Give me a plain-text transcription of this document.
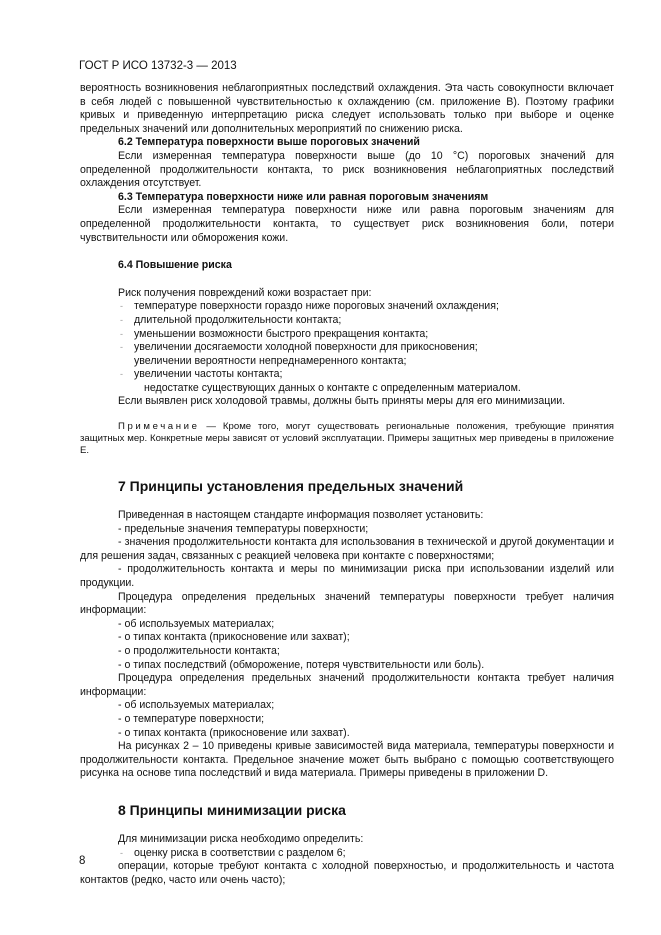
ГОСТ Р ИСО 13732-3 — 2013

вероятность возникновения неблагоприятных последствий охлаждения. Эта часть совокупности включает в себя людей с повышенной чувствительностью к охлаждению (см. приложение B). Поэтому графики кривых и приведенную интерпретацию риска следует использовать только при выборе и оценке предельных значений или дополнительных мероприятий по снижению риска.

6.2 Температура поверхности выше пороговых значений

Если измеренная температура поверхности выше (до 10 °C) пороговых значений для определенной продолжительности контакта, то риск возникновения неблагоприятных последствий охлаждения отсутствует.

6.3 Температура поверхности ниже или равная пороговым значениям

Если измеренная температура поверхности ниже или равна пороговым значениям для определенной продолжительности контакта, то существует риск возникновения боли, потери чувствительности или обморожения кожи.

6.4 Повышение риска

Риск получения повреждений кожи возрастает при:

- температуре поверхности гораздо ниже пороговых значений охлаждения;
- длительной продолжительности контакта;
- уменьшении возможности быстрого прекращения контакта;
- увеличении досягаемости холодной поверхности для прикосновения;
увеличении вероятности непреднамеренного контакта;
- увеличении частоты контакта;
недостатке существующих данных о контакте с определенным материалом.

Если выявлен риск холодовой травмы, должны быть приняты меры для его минимизации.

Примечание — Кроме того, могут существовать региональные положения, требующие принятия защитных мер. Конкретные меры зависят от условий эксплуатации. Примеры защитных мер приведены в приложение E.
7 Принципы установления предельных значений

Приведенная в настоящем стандарте информация позволяет установить:

- предельные значения температуры поверхности;

- значения продолжительности контакта для использования в технической и другой документации и для решения задач, связанных с реакцией человека при контакте с поверхностями;

- продолжительность контакта и меры по минимизации риска при использовании изделий или продукции.

Процедура определения предельных значений температуры поверхности требует наличия информации:

- об используемых материалах;
- о типах контакта (прикосновение или захват);
- о продолжительности контакта;
- о типах последствий (обморожение, потеря чувствительности или боль).

Процедура определения предельных значений продолжительности контакта требует наличия информации:

- об используемых материалах;
- о температуре поверхности;
- о типах контакта (прикосновение или захват).

На рисунках 2 – 10 приведены кривые зависимостей вида материала, температуры поверхности и продолжительности контакта. Предельное значение может быть выбрано с помощью соответствующего рисунка на основе типа последствий и вида материала. Примеры приведены в приложении D.

8 Принципы минимизации риска

Для минимизации риска необходимо определить:

- оценку риска в соответствии с разделом 6;

операции, которые требуют контакта с холодной поверхностью, и продолжительность и частота контактов (редко, часто или очень часто);

8
